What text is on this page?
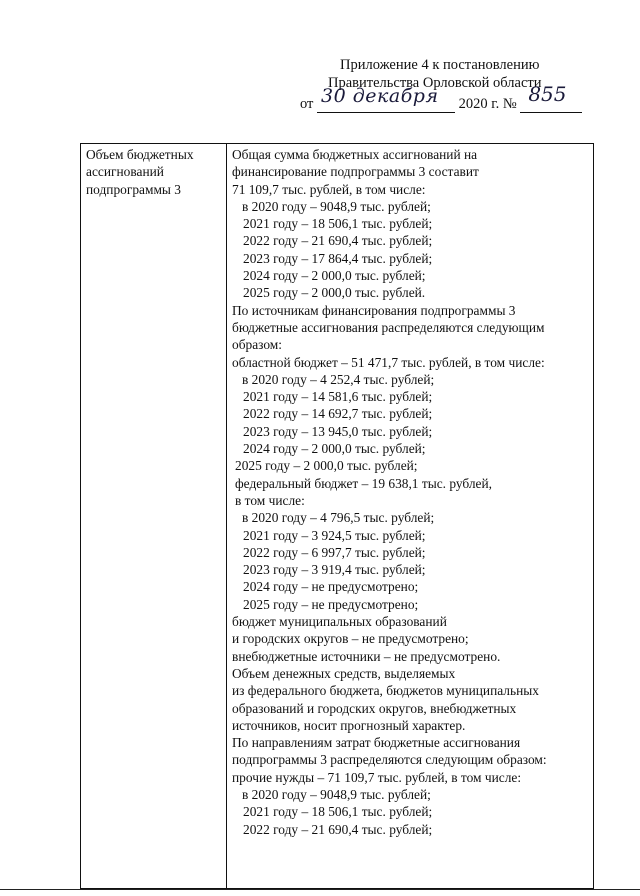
Приложение 4 к постановлению
Правительства Орловской области
от 30 декабря 2020 г. № 855
Объем бюджетных ассигнований подпрограммы 3	
Общая сумма бюджетных ассигнований на
финансирование подпрограммы 3 составит
71 109,7 тыс. рублей, в том числе:
в 2020 году – 9048,9 тыс. рублей;
2021 году – 18 506,1 тыс. рублей;
2022 году – 21 690,4 тыс. рублей;
2023 году – 17 864,4 тыс. рублей;
2024 году – 2 000,0 тыс. рублей;
2025 году – 2 000,0 тыс. рублей.
По источникам финансирования подпрограммы 3
бюджетные ассигнования распределяются следующим
образом:
областной бюджет – 51 471,7 тыс. рублей, в том числе:
в 2020 году – 4 252,4 тыс. рублей;
2021 году – 14 581,6 тыс. рублей;
2022 году – 14 692,7 тыс. рублей;
2023 году – 13 945,0 тыс. рублей;
2024 году – 2 000,0 тыс. рублей;
2025 году – 2 000,0 тыс. рублей;
федеральный бюджет – 19 638,1 тыс. рублей,
в том числе:
в 2020 году – 4 796,5 тыс. рублей;
2021 году – 3 924,5 тыс. рублей;
2022 году – 6 997,7 тыс. рублей;
2023 году – 3 919,4 тыс. рублей;
2024 году – не предусмотрено;
2025 году – не предусмотрено;
бюджет муниципальных образований
и городских округов – не предусмотрено;
внебюджетные источники – не предусмотрено.
Объем денежных средств, выделяемых
из федерального бюджета, бюджетов муниципальных
образований и городских округов, внебюджетных
источников, носит прогнозный характер.
По направлениям затрат бюджетные ассигнования
подпрограммы 3 распределяются следующим образом:
прочие нужды – 71 109,7 тыс. рублей, в том числе:
в 2020 году – 9048,9 тыс. рублей;
2021 году – 18 506,1 тыс. рублей;
2022 году – 21 690,4 тыс. рублей;
